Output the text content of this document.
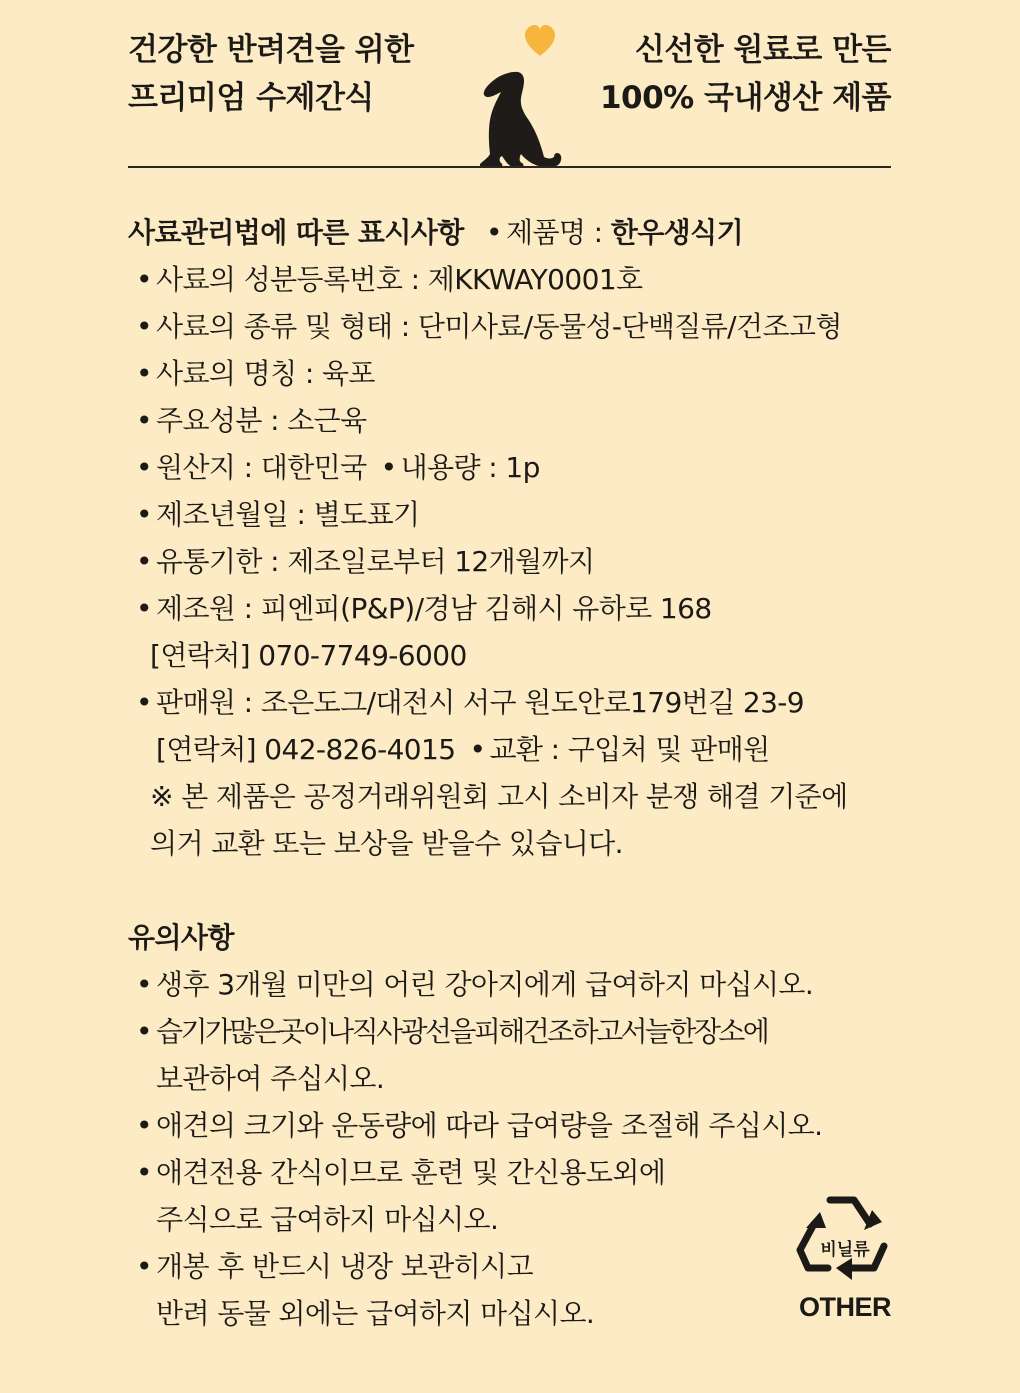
건강한 반려견을 위한
프리미엄 수제간식
신선한 원료로 만든
100% 국내생산 제품
사료관리법에 따른 표시사항 • 제품명 : 한우생식기
• 사료의 성분등록번호 : 제KKWAY0001호
• 사료의 종류 및 형태 : 단미사료/동물성-단백질류/건조고형
• 사료의 명칭 : 육포
• 주요성분 : 소근육
• 원산지 : 대한민국 • 내용량 : 1p
• 제조년월일 : 별도표기
• 유통기한 : 제조일로부터 12개월까지
• 제조원 : 피엔피(P&P)/경남 김해시 유하로 168
[연락처] 070-7749-6000
• 판매원 : 조은도그/대전시 서구 원도안로179번길 23-9
[연락처] 042-826-4015 • 교환 : 구입처 및 판매원
※ 본 제품은 공정거래위원회 고시 소비자 분쟁 해결 기준에
의거 교환 또는 보상을 받을수 있습니다.
유의사항
• 생후 3개월 미만의 어린 강아지에게 급여하지 마십시오.
• 습기가많은곳이나직사광선을피해건조하고서늘한장소에
보관하여 주십시오.
• 애견의 크기와 운동량에 따라 급여량을 조절해 주십시오.
• 애견전용 간식이므로 훈련 및 간신용도외에
주식으로 급여하지 마십시오.
• 개봉 후 반드시 냉장 보관히시고
반려 동물 외에는 급여하지 마십시오.
비닐류
OTHER
